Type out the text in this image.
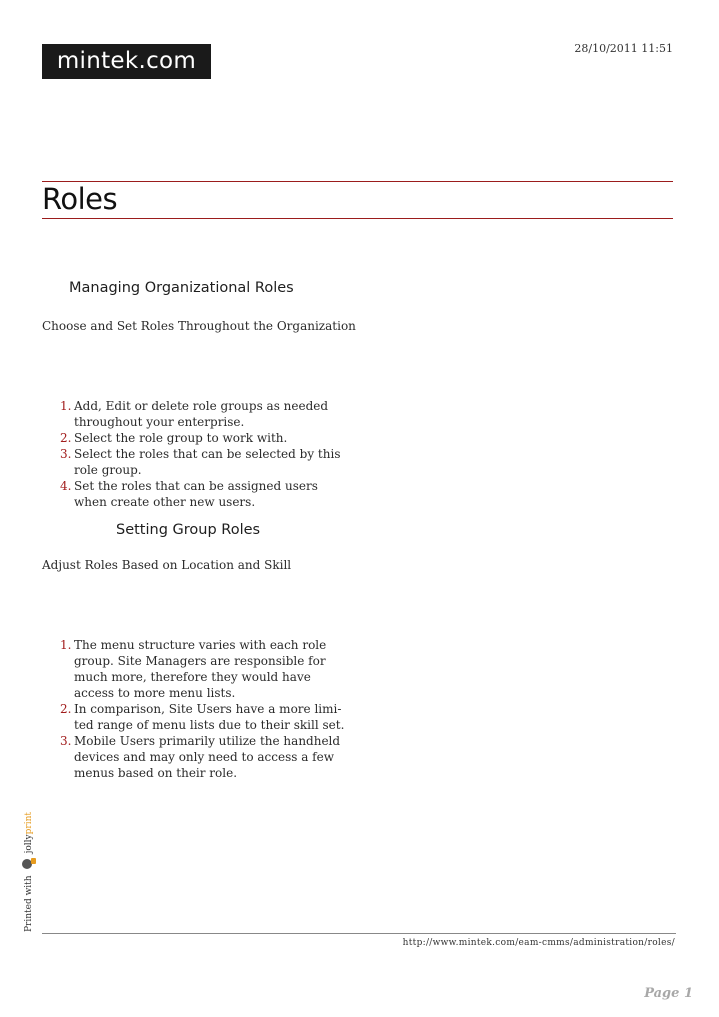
mintek.com	28/10/2011 11:51
Roles
Managing Organizational Roles
Choose and Set Roles Throughout the Organization
1. Add, Edit or delete role groups as needed
throughout your enterprise.
2. Select the role group to work with.
3. Select the roles that can be selected by this
role group.
4. Set the roles that can be assigned users
when create other new users.
Setting Group Roles
Adjust Roles Based on Location and Skill
1. The menu structure varies with each role
group. Site Managers are responsible for
much more, therefore they would have
access to more menu lists.
2. In comparison, Site Users have a more limi-
ted range of menu lists due to their skill set.
3. Mobile Users primarily utilize the handheld
devices and may only need to access a few
menus based on their role.
Printed with
jolly
print
http://www.mintek.com/eam-cmms/administration/roles/
Page 1
